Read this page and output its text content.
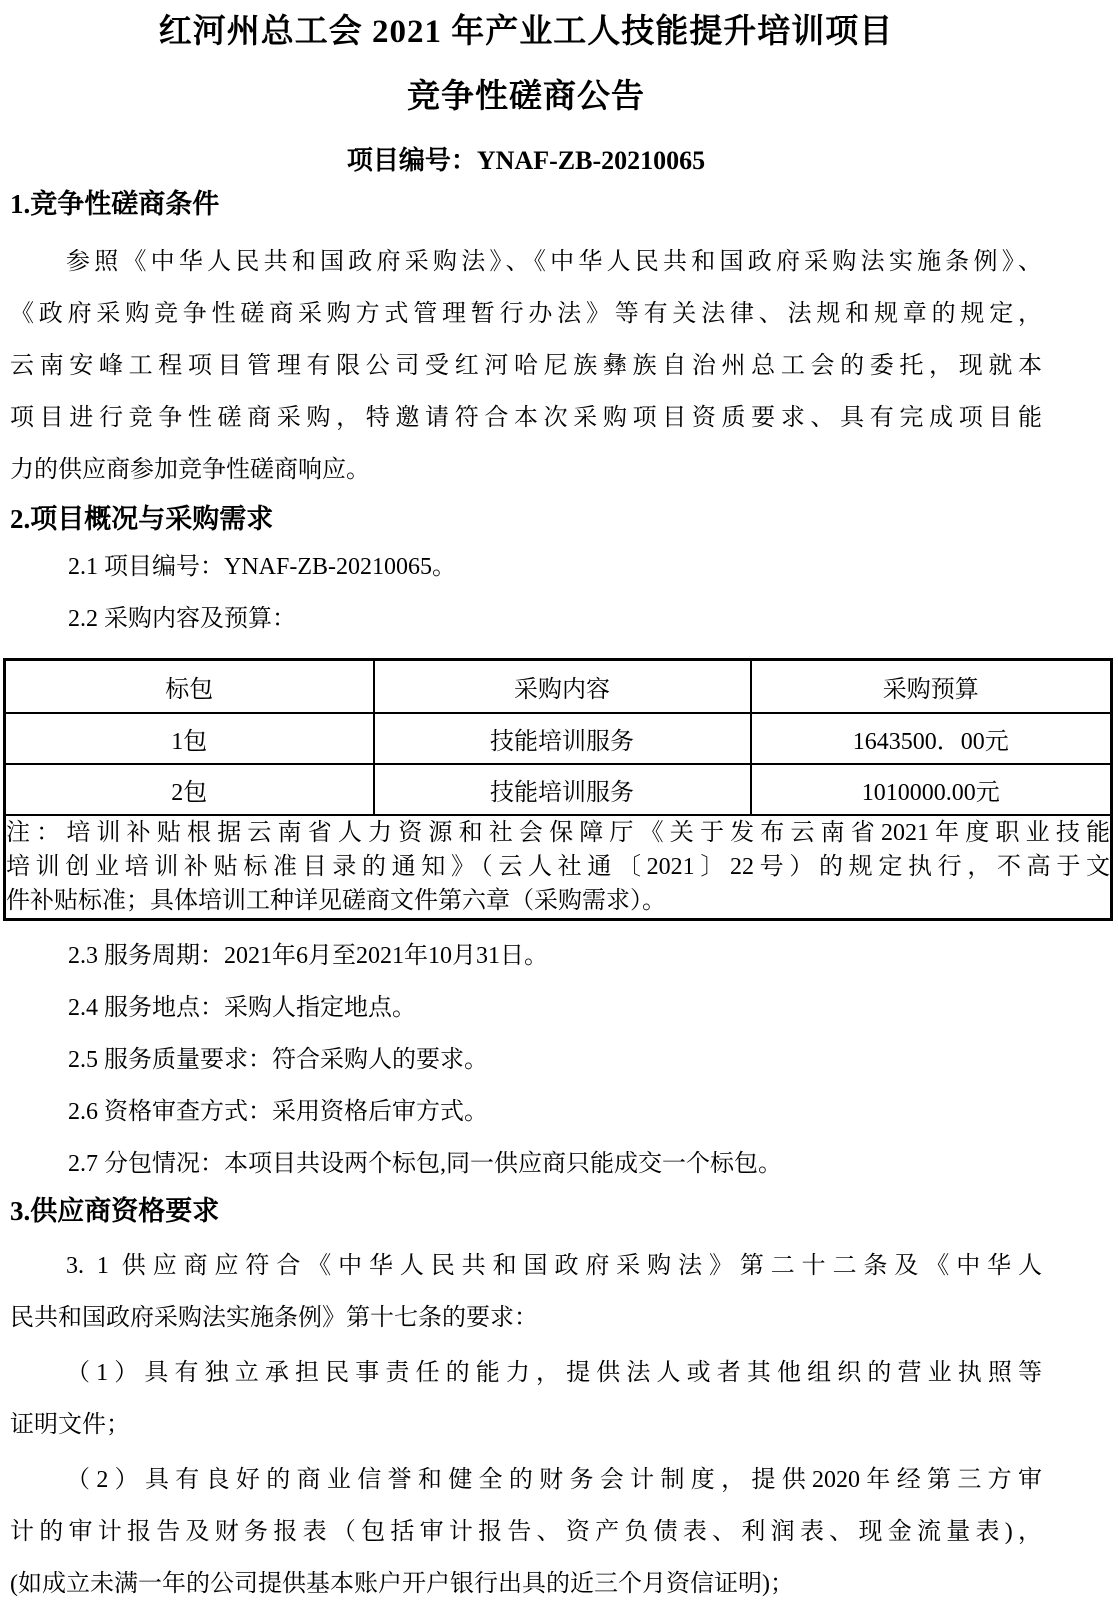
红河州总工会 2021 年产业工人技能提升培训项目
竞争性磋商公告
项目编号：YNAF-ZB-20210065
1.竞争性磋商条件
参照《中华人民共和国政府采购法》、《中华人民共和国政府采购法实施条例》、
《政府采购竞争性磋商采购方式管理暂行办法》等有关法律、法规和规章的规定，
云南安峰工程项目管理有限公司受红河哈尼族彝族自治州总工会的委托，现就本
项目进行竞争性磋商采购，特邀请符合本次采购项目资质要求、具有完成项目能
力的供应商参加竞争性磋商响应。
2.项目概况与采购需求
2.1 项目编号：YNAF-ZB-20210065。
2.2 采购内容及预算：
标包	采购内容	采购预算
1包	技能培训服务	1643500．00元
2包	技能培训服务	1010000.00元

注：培训补贴根据云南省人力资源和社会保障厅《关于发布云南省2021年度职业技能
培训创业培训补贴标准目录的通知》（云人社通〔2021〕22号）的规定执行，不高于文
件补贴标准；具体培训工种详见磋商文件第六章（采购需求）。		
2.3 服务周期：2021年6月至2021年10月31日。
2.4 服务地点：采购人指定地点。
2.5 服务质量要求：符合采购人的要求。
2.6 资格审查方式：采用资格后审方式。
2.7 分包情况：本项目共设两个标包,同一供应商只能成交一个标包。
3.供应商资格要求
3. 1 供应商应符合《中华人民共和国政府采购法》第二十二条及《中华人
民共和国政府采购法实施条例》第十七条的要求：
（1）具有独立承担民事责任的能力，提供法人或者其他组织的营业执照等
证明文件；
（2）具有良好的商业信誉和健全的财务会计制度，提供2020年经第三方审
计的审计报告及财务报表（包括审计报告、资产负债表、利润表、现金流量表)，
(如成立未满一年的公司提供基本账户开户银行出具的近三个月资信证明)；
